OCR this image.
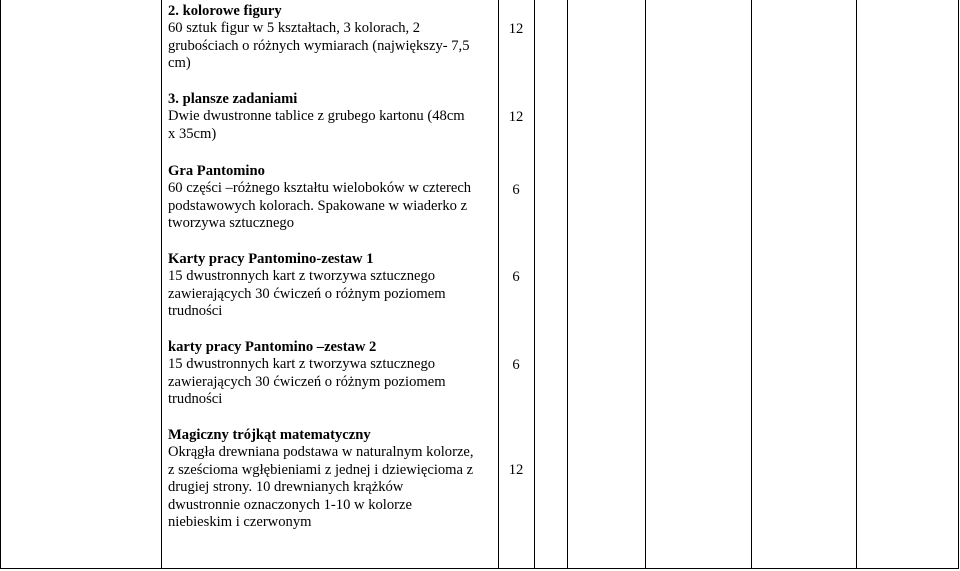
2. kolorowe figury

60 sztuk figur w 5 kształtach, 3 kolorach, 2

grubościach o różnych wymiarach (największy- 7,5

cm)

12

3. plansze zadaniami

Dwie dwustronne tablice z grubego kartonu (48cm

x 35cm)

12

Gra Pantomino

60 części –różnego kształtu wieloboków w czterech

podstawowych kolorach. Spakowane w wiaderko z

tworzywa sztucznego

6

Karty pracy Pantomino-zestaw 1

15 dwustronnych kart z tworzywa sztucznego

zawierających 30 ćwiczeń o różnym poziomem

trudności

6

karty pracy Pantomino –zestaw 2

15 dwustronnych kart z tworzywa sztucznego

zawierających 30 ćwiczeń o różnym poziomem

trudności

6

Magiczny trójkąt matematyczny

Okrągła drewniana podstawa w naturalnym kolorze,

z sześcioma wgłębieniami z jednej i dziewięcioma z

drugiej strony. 10 drewnianych krążków

dwustronnie oznaczonych 1-10 w kolorze

niebieskim i czerwonym

12
